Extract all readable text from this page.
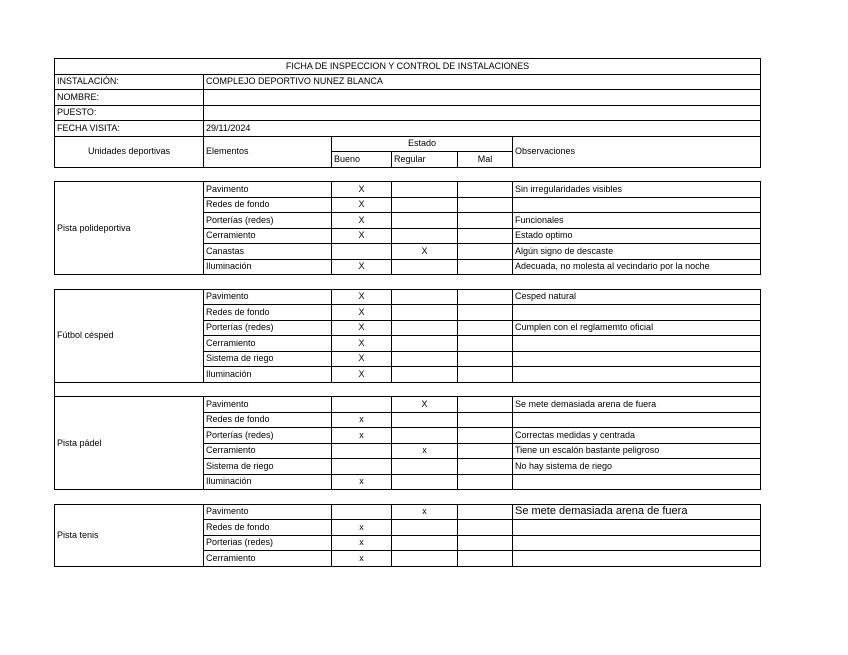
FICHA DE INSPECCION Y CONTROL DE INSTALACIONES					
INSTALACIÓN:	COMPLEJO DEPORTIVO NUNEZ BLANCA				
NOMBRE:					
PUESTO:					
FECHA VISITA:	29/11/2024				
Unidades deportivas	Elementos	Estado			Observaciones
		Bueno	Regular	Mal	

Pista polideportiva	Pavimento	X			Sin irregularidades visibles
	Redes de fondo	X			
	Porterías (redes)	X			Funcionales
	Cerramiento	X			Estado optimo
	Canastas		X		Algún signo de descaste
	Iluminación	X			Adecuada, no molesta al vecindario por la noche

Fútbol césped	Pavimento	X			Cesped natural
	Redes de fondo	X			
	Porterías (redes)	X			Cumplen con el reglamemto oficial
	Cerramiento	X			
	Sistema de riego	X			
	Iluminación	X			

Pista pádel	Pavimento		X		Se mete demasiada arena de fuera
	Redes de fondo	x			
	Porterías (redes)	x			Correctas medidas y centrada
	Cerramiento		x		Tiene un escalón bastante peligroso
	Sistema de riego				No hay sistema de riego
	Iluminación	x			

Pista tenis	Pavimento		x		Se mete demasiada arena de fuera
	Redes de fondo	x			
	Porterias (redes)	x			
	Cerramiento	x			
